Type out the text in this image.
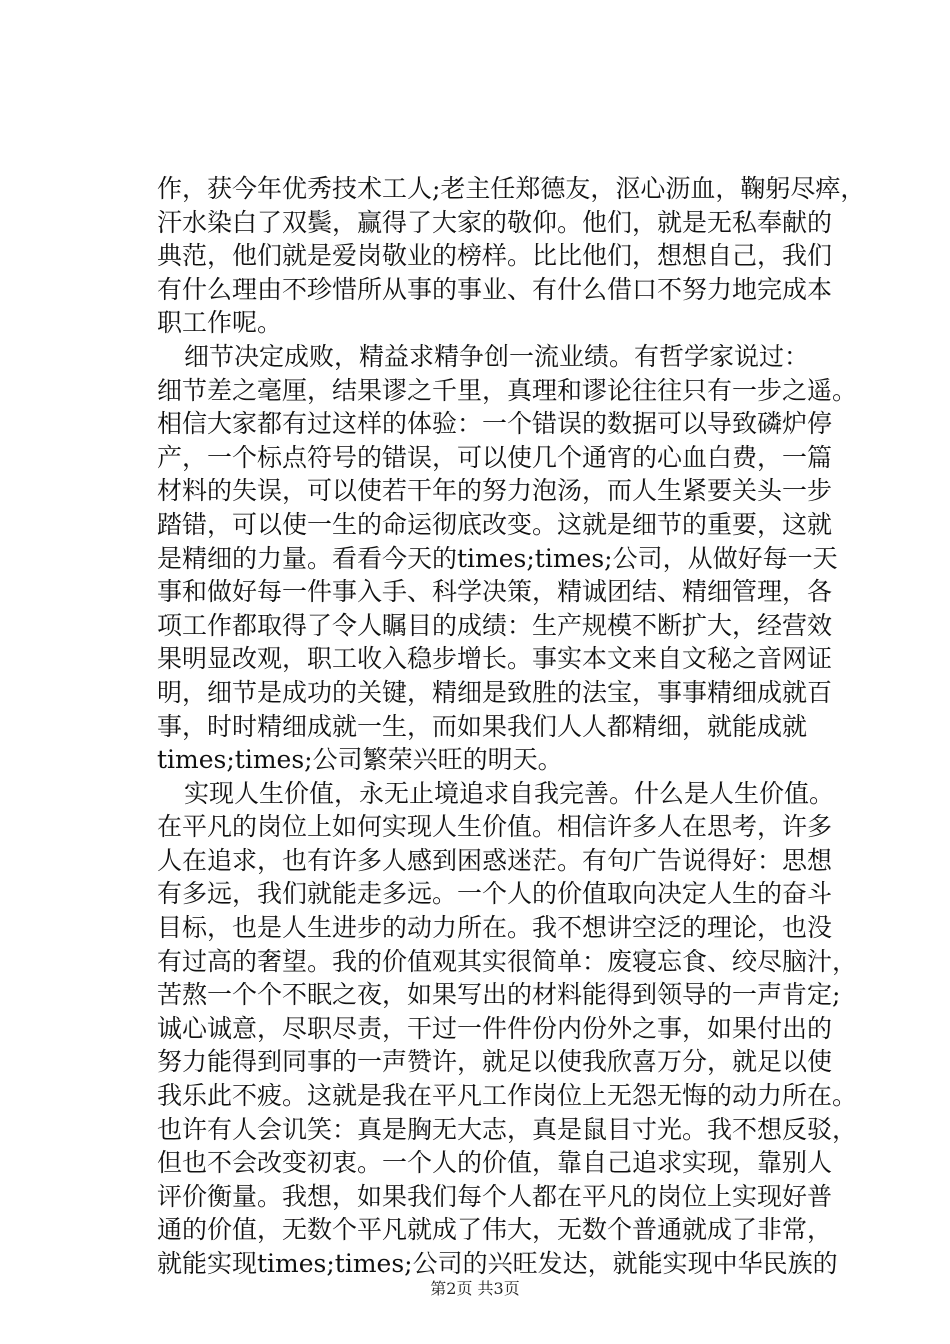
作，获今年优秀技术工人;老主任郑德友，沤心沥血，鞠躬尽瘁，
汗水染白了双鬓，赢得了大家的敬仰。他们，就是无私奉献的
典范，他们就是爱岗敬业的榜样。比比他们，想想自己，我们
有什么理由不珍惜所从事的事业、有什么借口不努力地完成本
职工作呢。
细节决定成败，精益求精争创一流业绩。有哲学家说过：
细节差之毫厘，结果谬之千里，真理和谬论往往只有一步之遥。
相信大家都有过这样的体验：一个错误的数据可以导致磷炉停
产，一个标点符号的错误，可以使几个通宵的心血白费，一篇
材料的失误，可以使若干年的努力泡汤，而人生紧要关头一步
踏错，可以使一生的命运彻底改变。这就是细节的重要，这就
是精细的力量。看看今天的times;times;公司，从做好每一天
事和做好每一件事入手、科学决策，精诚团结、精细管理，各
项工作都取得了令人瞩目的成绩：生产规模不断扩大，经营效
果明显改观，职工收入稳步增长。事实本文来自文秘之音网证
明，细节是成功的关键，精细是致胜的法宝，事事精细成就百
事，时时精细成就一生，而如果我们人人都精细，就能成就
times;times;公司繁荣兴旺的明天。
实现人生价值，永无止境追求自我完善。什么是人生价值。
在平凡的岗位上如何实现人生价值。相信许多人在思考，许多
人在追求，也有许多人感到困惑迷茫。有句广告说得好：思想
有多远，我们就能走多远。一个人的价值取向决定人生的奋斗
目标，也是人生进步的动力所在。我不想讲空泛的理论，也没
有过高的奢望。我的价值观其实很简单：废寝忘食、绞尽脑汁，
苦熬一个个不眠之夜，如果写出的材料能得到领导的一声肯定;
诚心诚意，尽职尽责，干过一件件份内份外之事，如果付出的
努力能得到同事的一声赞许，就足以使我欣喜万分，就足以使
我乐此不疲。这就是我在平凡工作岗位上无怨无悔的动力所在。
也许有人会讥笑：真是胸无大志，真是鼠目寸光。我不想反驳，
但也不会改变初衷。一个人的价值，靠自己追求实现，靠别人
评价衡量。我想，如果我们每个人都在平凡的岗位上实现好普
通的价值，无数个平凡就成了伟大，无数个普通就成了非常，
就能实现times;times;公司的兴旺发达，就能实现中华民族的
第2页 共3页
